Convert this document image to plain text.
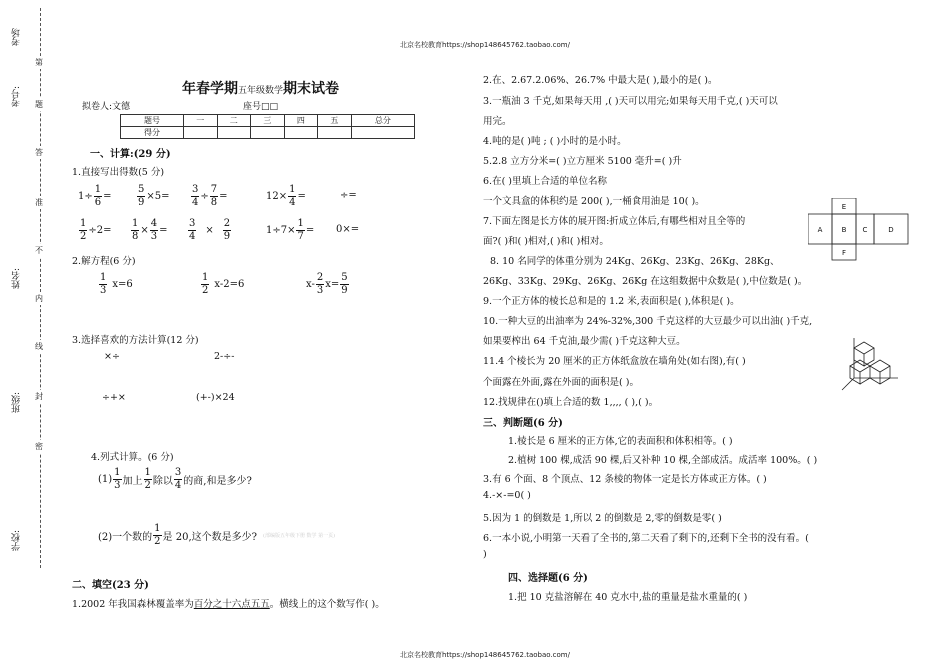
北京名校教育https://shop148645762.taobao.com/
北京名校教育https://shop148645762.taobao.com/
考场
考号:
姓名:
班级:
学校:
第
题
答
准
不
内
线
封
密
年春学期五年级数学期末试卷
拟卷人:文德	座号□□
题号	一	二	三	四	五	总分
得分						
一、计算:(29 分)
1.直接写出得数(5 分)
$1\div \frac{1}{6}$ =	$\frac{5}{9} \times 5= \frac{3}{4} \div \frac{7}{8}$ =	$12\times \frac{1}{4}$ =	÷=
$\frac{1}{2} \div 2= \frac{1}{8} \times \frac{4}{3} = \frac{3}{4} \times \frac{2}{9}$	$1\div 7\times \frac{1}{7} = 0\times=$
2.解方程(6 分)
$\frac{1}{3} x=6$	$\frac{1}{2} x-2=6$	$x- \frac{2}{3} x= \frac{5}{9}$
3.选择喜欢的方法计算(12 分)
×÷	2-÷-
÷+×	(+-)×24
4.列式计算。(6 分)
$(1) \frac{1}{3}$ 加上 $\frac{1}{2}$ 除以 $\frac{3}{4}$ 的商,和是多少?
(2)一个数的 $\frac{1}{2}$ 是 20,这个数是多少? (部编版五年级下册 数学 第一页)
二、填空(23 分)
1.2002 年我国森林覆盖率为百分之十六点五五。横线上的这个数写作( )。
2.在、2.67.2.06%、26.7% 中最大是( ),最小的是( )。
3.一瓶油 3 千克,如果每天用 ,( )天可以用完;如果每天用千克,( )天可以
用完。
4.吨的是( )吨 ; ( )小时的是小时。
5.2.8 立方分米=( )立方厘米 5100 毫升=( )升
6.在( )里填上合适的单位名称
一个文具盒的体积约是 200( ),一桶食用油是 10( )。
7.下面左图是长方体的展开图:折成立体后,有哪些相对且全等的
面?( )和( )相对,( )和( )相对。
8. 10 名同学的体重分别为 24Kg、26Kg、23Kg、26Kg、28Kg、
26Kg、33Kg、29Kg、26Kg、26Kg 在这组数据中众数是( ),中位数是( )。
9.一个正方体的棱长总和是的 1.2 米,表面积是( ),体积是( )。
10.一种大豆的出油率为 24%-32%,300 千克这样的大豆最少可以出油( )千克,
如果要榨出 64 千克油,最少需( )千克这种大豆。
11.4 个棱长为 20 厘米的正方体纸盒放在墙角处(如右图),有( )
个面露在外面,露在外面的面积是( )。
12.找规律在()填上合适的数 1,,,, ( ),( )。
E
A	B C	D
F
三、判断题(6 分)
1.棱长是 6 厘米的正方体,它的表面积和体积相等。( )
2.植树 100 棵,成活 90 棵,后又补种 10 棵,全部成活。成活率 100%。( )
3.有 6 个面、8 个顶点、12 条棱的物体一定是长方体或正方体。( )
4.-×-=0( )
5.因为 1 的倒数是 1,所以 2 的倒数是 2,零的倒数是零( )
6.一本小说,小明第一天看了全书的,第二天看了剩下的,还剩下全书的没有看。(
)
四、选择题(6 分)
1.把 10 克盐溶解在 40 克水中,盐的重量是盐水重量的( )
